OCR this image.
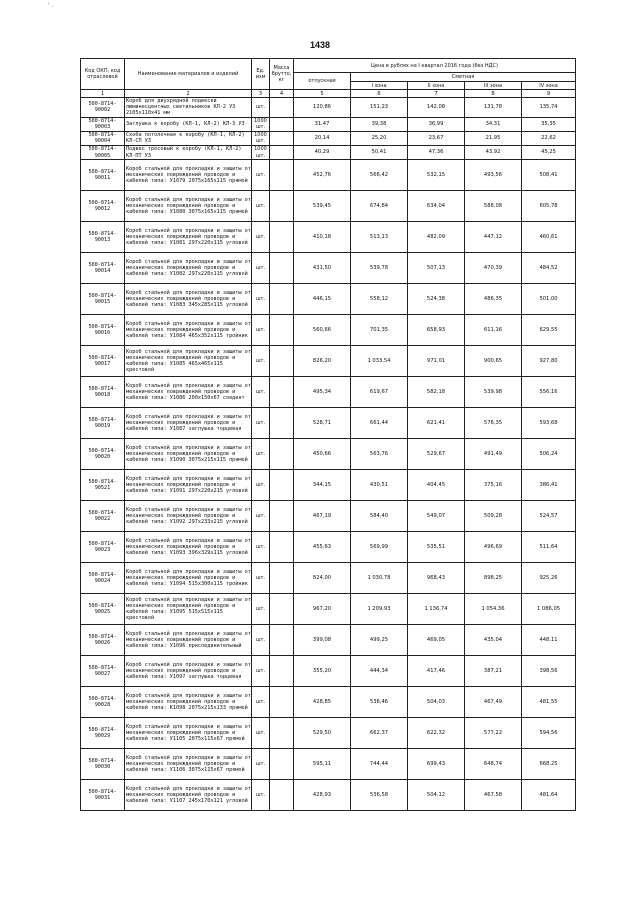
' .
1438
Код ОКП, код отраслевой	Наименование материалов и изделий	Ед. изм	Масса брутто, кг	Цена в рублях на I квартал 2016 года (без НДС)				
				отпускная	Сметная			
					I зона	II зона	III зона	IV зона
1	2	3	4	5	6	7	8	9
500-8714-90002	Короб для двухрядной подвески люминесцентных светильников КЛ-2 У3 2105х110х41 мм	шт.		120,86	151,23	142,08	131,78	135,74
500-8714-90003	Заглушка к коробу (КЛ-1, КЛ-2) КЛ-З У3	1000 шт.		31,47	39,38	36,99	34,31	35,35
500-8714-90004	Скоба потолочная к коробу (КЛ-1, КЛ-2) КЛ-СП У3	1000 шт.		20,14	25,20	23,67	21,95	22,62
500-8714-90005	Подвес тросовый к коробу (КЛ-1, КЛ-2) КЛ-ПТ У3	1000 шт.		40,29	50,41	47,36	43,92	45,25
500-8714-90011	Короб стальной для прокладки и защиты от механических повреждений проводов и кабелей типа: У1079 2075х165х115 прямой	шт.		452,76	566,42	532,15	493,56	508,41
500-8714-90012	Короб стальной для прокладки и защиты от механических повреждений проводов и кабелей типа: У1080 3075х165х115 прямой	шт.		539,45	674,84	634,04	588,08	605,78
500-8714-90013	Короб стальной для прокладки и защиты от механических повреждений проводов и кабелей типа: У1081 297х220х115 угловой	шт.		410,18	513,13	482,09	447,12	460,61
500-8714-90014	Короб стальной для прокладки и защиты от механических повреждений проводов и кабелей типа: У1082 297х220х115 угловой	шт.		431,50	539,78	507,13	470,39	484,52
500-8714-90015	Короб стальной для прокладки и защиты от механических повреждений проводов и кабелей типа: У1083 345х285х115 угловой	шт.		446,15	558,12	524,38	486,35	501,00
500-8714-90016	Короб стальной для прокладки и защиты от механических повреждений проводов и кабелей типа: У1084 465х352х115 тройник	шт.		560,66	701,35	658,93	611,16	629,55
500-8714-90017	Короб стальной для прокладки и защиты от механических повреждений проводов и кабелей типа: У1085 465х465х115 крестовой	шт.		826,20	1 033,54	971,01	900,65	927,80
500-8714-90018	Короб стальной для прокладки и защиты от механических повреждений проводов и кабелей типа: У1086 200х150х67 соедент	шт.		495,34	619,67	582,18	539,98	556,16
500-8714-90019	Короб стальной для прокладки и защиты от механических повреждений проводов и кабелей типа: У1087 заглушка торцевая	шт.		528,71	661,44	621,41	576,35	593,68
500-8714-90020	Короб стальной для прокладки и защиты от механических повреждений проводов и кабелей типа: У1090 3075х215х115 прямой	шт.		450,66	563,76	529,67	491,49	506,24
500-8714-90521	Короб стальной для прокладки и защиты от механических повреждений проводов и кабелей типа: У1091 297х220х215 угловой	шт.		344,15	430,51	404,45	375,16	386,41
500-8714-90022	Короб стальной для прокладки и защиты от механических повреждений проводов и кабелей типа: У1092 297х233х215 угловой	шт.		467,19	584,40	549,07	509,28	524,57
500-8714-90023	Короб стальной для прокладки и защиты от механических повреждений проводов и кабелей типа: У1093 396х329х115 угловой	шт.		455,63	569,99	535,51	496,69	511,64
500-8714-90024	Короб стальной для прокладки и защиты от механических повреждений проводов и кабелей типа: У1094 515х300х115 тройник	шт.		824,00	1 030,78	968,43	898,25	925,26
500-8714-90025	Короб стальной для прокладки и защиты от механических повреждений проводов и кабелей типа: У1095 515х515х115 крестовой	шт.		967,20	1 209,93	1 136,74	1 054,36	1 086,05
500-8714-90026	Короб стальной для прокладки и защиты от механических повреждений проводов и кабелей типа: У1096 присоединительный	шт.		399,08	499,25	469,05	435,04	448,11
500-8714-90027	Короб стальной для прокладки и защиты от механических повреждений проводов и кабелей типа: У1097 заглушка торцевая	шт.		355,20	444,34	417,46	387,21	398,56
500-8714-90028	Короб стальной для прокладки и защиты от механических повреждений проводов и кабелей типа: К1098 2075х215х133 прямой	шт.		428,85	536,46	504,03	467,49	481,55
500-8714-90029	Короб стальной для прокладки и защиты от механических повреждений проводов и кабелей типа: У1105 2075х115х67 прямой	шт.		529,50	662,37	622,32	577,22	594,56
500-8714-90030	Короб стальной для прокладки и защиты от механических повреждений проводов и кабелей типа: У1106 3075х115х67 прямой	шт.		595,11	744,44	699,43	648,74	668,25
500-8714-90031	Короб стальной для прокладки и защиты от механических повреждений проводов и кабелей типа: У1107 245х170х121 угловой	шт.		428,93	536,58	504,12	467,58	481,64
